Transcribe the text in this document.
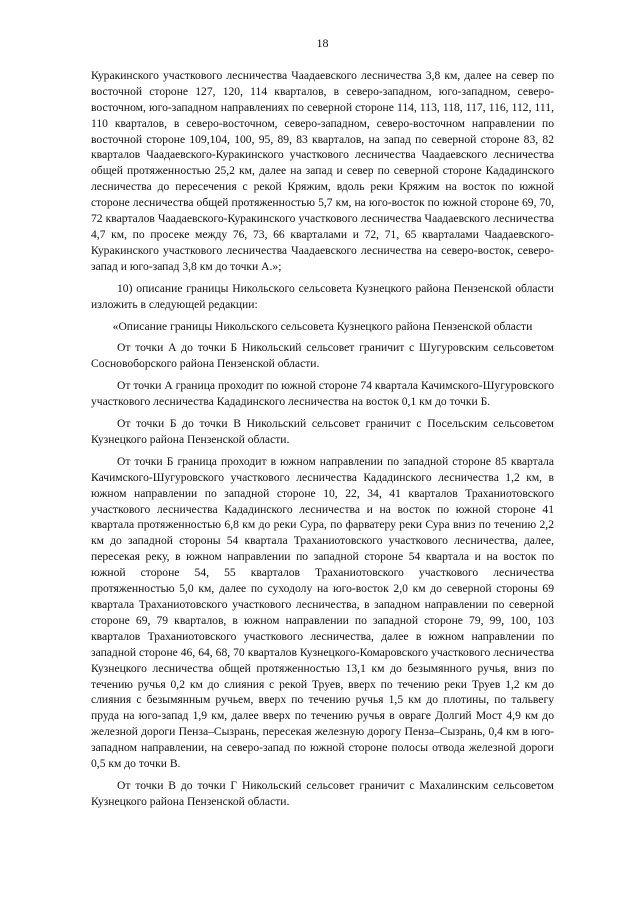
18

Куракинского участкового лесничества Чаадаевского лесничества 3,8 км, далее на север по восточной стороне 127, 120, 114 кварталов, в северо-западном, юго-западном, северо-восточном, юго-западном направлениях по северной стороне 114, 113, 118, 117, 116, 112, 111, 110 кварталов, в северо-восточном, северо-западном, северо-восточном направлении по восточной стороне 109,104, 100, 95, 89, 83 кварталов, на запад по северной стороне 83, 82 кварталов Чаадаевского-Куракинского участкового лесничества Чаадаевского лесничества общей протяженностью 25,2 км, далее на запад и север по северной стороне Кададинского лесничества до пересечения с рекой Кряжим, вдоль реки Кряжим на восток по южной стороне лесничества общей протяженностью 5,7 км, на юго-восток по южной стороне 69, 70, 72 кварталов Чаадаевского-Куракинского участкового лесничества Чаадаевского лесничества 4,7 км, по просеке между 76, 73, 66 кварталами и 72, 71, 65 кварталами Чаадаевского-Куракинского участкового лесничества Чаадаевского лесничества на северо-восток, северо-запад и юго-запад 3,8 км до точки А.»;

10) описание границы Никольского сельсовета Кузнецкого района Пензенской области изложить в следующей редакции:

«Описание границы Никольского сельсовета Кузнецкого района Пензенской области

От точки А до точки Б Никольский сельсовет граничит с Шугуровским сельсоветом Сосновоборского района Пензенской области.

От точки А граница проходит по южной стороне 74 квартала Качимского-Шугуровского участкового лесничества Кададинского лесничества на восток 0,1 км до точки Б.

От точки Б до точки В Никольский сельсовет граничит с Посельским сельсоветом Кузнецкого района Пензенской области.

От точки Б граница проходит в южном направлении по западной стороне 85 квартала Качимского-Шугуровского участкового лесничества Кададинского лесничества 1,2 км, в южном направлении по западной стороне 10, 22, 34, 41 кварталов Траханиотовского участкового лесничества Кададинского лесничества и на восток по южной стороне 41 квартала протяженностью 6,8 км до реки Сура, по фарватеру реки Сура вниз по течению 2,2 км до западной стороны 54 квартала Траханиотовского участкового лесничества, далее, пересекая реку, в южном направлении по западной стороне 54 квартала и на восток по южной стороне 54, 55 кварталов Траханиотовского участкового лесничества протяженностью 5,0 км, далее по суходолу на юго-восток 2,0 км до северной стороны 69 квартала Траханиотовского участкового лесничества, в западном направлении по северной стороне 69, 79 кварталов, в южном направлении по западной стороне 79, 99, 100, 103 кварталов Траханиотовского участкового лесничества, далее в южном направлении по западной стороне 46, 64, 68, 70 кварталов Кузнецкого-Комаровского участкового лесничества Кузнецкого лесничества общей протяженностью 13,1 км до безымянного ручья, вниз по течению ручья 0,2 км до слияния с рекой Труев, вверх по течению реки Труев 1,2 км до слияния с безымянным ручьем, вверх по течению ручья 1,5 км до плотины, по тальвегу пруда на юго-запад 1,9 км, далее вверх по течению ручья в овраге Долгий Мост 4,9 км до железной дороги Пенза–Сызрань, пересекая железную дорогу Пенза–Сызрань, 0,4 км в юго-западном направлении, на северо-запад по южной стороне полосы отвода железной дороги 0,5 км до точки В.

От точки В до точки Г Никольский сельсовет граничит с Махалинским сельсоветом Кузнецкого района Пензенской области.
